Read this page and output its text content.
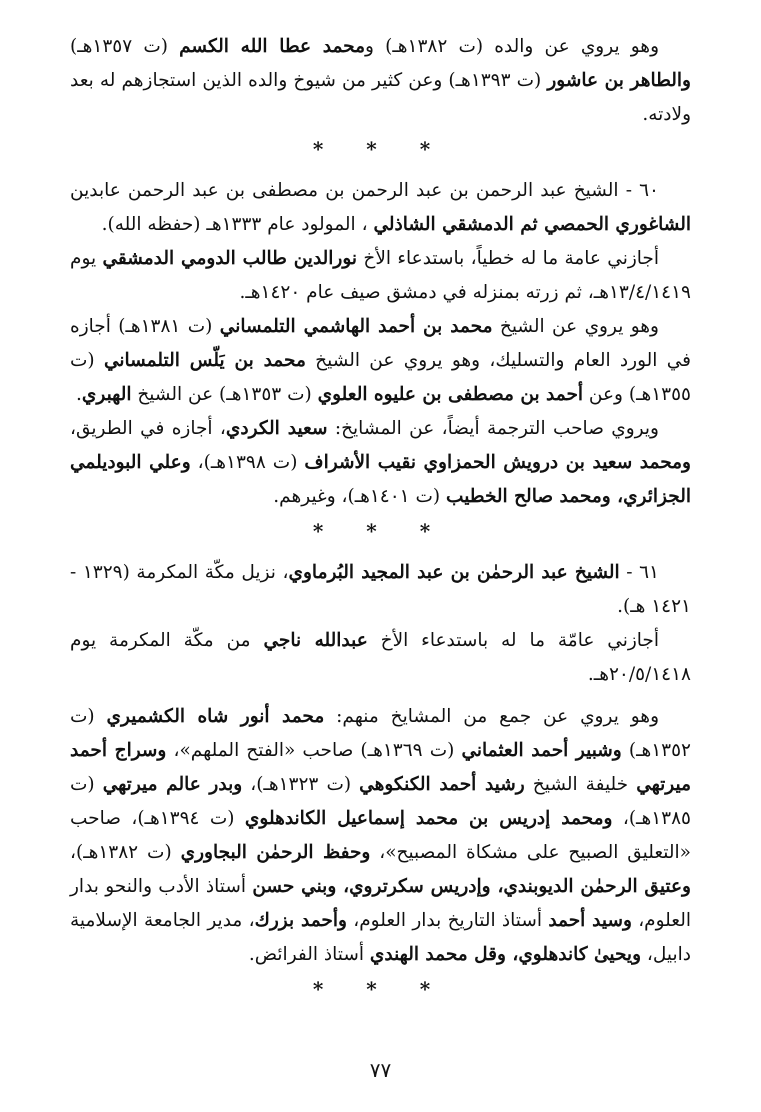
وهو يروي عن والده (ت ١٣٨٢هـ) ومحمد عطا الله الكسم (ت ١٣٥٧هـ) والطاهر بن عاشور (ت ١٣٩٣هـ) وعن كثير من شيوخ والده الذين استجازهم له بعد ولادته.

* * *

٦٠ - الشيخ عبد الرحمن بن عبد الرحمن بن مصطفى بن عبد الرحمن عابدين الشاغوري الحمصي ثم الدمشقي الشاذلي ، المولود عام ١٣٣٣هـ (حفظه الله).

أجازني عامة ما له خطياً، باستدعاء الأخ نورالدين طالب الدومي الدمشقي يوم ١٣/٤/١٤١٩هـ، ثم زرته بمنزله في دمشق صيف عام ١٤٢٠هـ.

وهو يروي عن الشيخ محمد بن أحمد الهاشمي التلمساني (ت ١٣٨١هـ) أجازه في الورد العام والتسليك، وهو يروي عن الشيخ محمد بن يَلّس التلمساني (ت ١٣٥٥هـ) وعن أحمد بن مصطفى بن عليوه العلوي (ت ١٣٥٣هـ) عن الشيخ الهبري.

ويروي صاحب الترجمة أيضاً، عن المشايخ: سعيد الكردي، أجازه في الطريق، ومحمد سعيد بن درويش الحمزاوي نقيب الأشراف (ت ١٣٩٨هـ)، وعلي البوديلمي الجزائري، ومحمد صالح الخطيب (ت ١٤٠١هـ)، وغيرهم.

* * *

٦١ - الشيخ عبد الرحمٰن بن عبد المجيد البُرماوي، نزيل مكّة المكرمة (١٣٢٩ - ١٤٢١ هـ).

أجازني عامّة ما له باستدعاء الأخ عبدالله ناجي من مكّة المكرمة يوم ٢٠/٥/١٤١٨هـ.

وهو يروي عن جمع من المشايخ منهم: محمد أنور شاه الكشميري (ت ١٣٥٢هـ) وشبير أحمد العثماني (ت ١٣٦٩هـ) صاحب «الفتح الملهم»، وسراج أحمد ميرتهي خليفة الشيخ رشيد أحمد الكنكوهي (ت ١٣٢٣هـ)، وبدر عالم ميرتهي (ت ١٣٨٥هـ)، ومحمد إدريس بن محمد إسماعيل الكاندهلوي (ت ١٣٩٤هـ)، صاحب «التعليق الصبيح على مشكاة المصبيح»، وحفظ الرحمٰن البجاوري (ت ١٣٨٢هـ)، وعتيق الرحمٰن الديوبندي، وإدريس سكرتروي، وبني حسن أستاذ الأدب والنحو بدار العلوم، وسيد أحمد أستاذ التاريخ بدار العلوم، وأحمد بزرك، مدير الجامعة الإسلامية دابيل، ويحيىٰ كاندهلوي، وقل محمد الهندي أستاذ الفرائض.

* * *

٧٧
